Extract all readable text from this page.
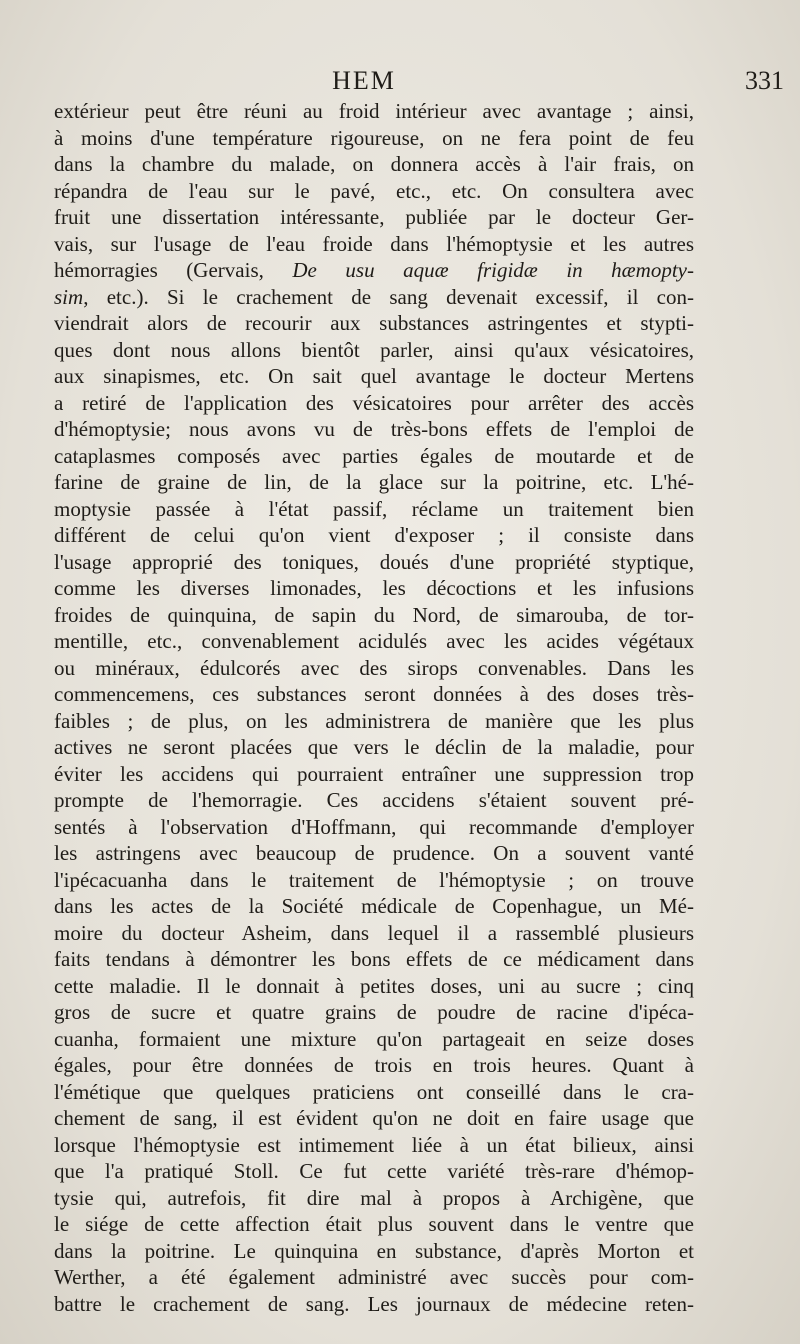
HEM	331
extérieur peut être réuni au froid intérieur avec avantage ; ainsi,
à moins d'une température rigoureuse, on ne fera point de feu
dans la chambre du malade, on donnera accès à l'air frais, on
répandra de l'eau sur le pavé, etc., etc. On consultera avec
fruit une dissertation intéressante, publiée par le docteur Ger-
vais, sur l'usage de l'eau froide dans l'hémoptysie et les autres
hémorragies (Gervais, De usu aquæ frigidæ in hæmopty-
sim, etc.). Si le crachement de sang devenait excessif, il con-
viendrait alors de recourir aux substances astringentes et stypti-
ques dont nous allons bientôt parler, ainsi qu'aux vésicatoires,
aux sinapismes, etc. On sait quel avantage le docteur Mertens
a retiré de l'application des vésicatoires pour arrêter des accès
d'hémoptysie; nous avons vu de très-bons effets de l'emploi de
cataplasmes composés avec parties égales de moutarde et de
farine de graine de lin, de la glace sur la poitrine, etc. L'hé-
moptysie passée à l'état passif, réclame un traitement bien
différent de celui qu'on vient d'exposer ; il consiste dans
l'usage approprié des toniques, doués d'une propriété styptique,
comme les diverses limonades, les décoctions et les infusions
froides de quinquina, de sapin du Nord, de simarouba, de tor-
mentille, etc., convenablement acidulés avec les acides végétaux
ou minéraux, édulcorés avec des sirops convenables. Dans les
commencemens, ces substances seront données à des doses très-
faibles ; de plus, on les administrera de manière que les plus
actives ne seront placées que vers le déclin de la maladie, pour
éviter les accidens qui pourraient entraîner une suppression trop
prompte de l'hemorragie. Ces accidens s'étaient souvent pré-
sentés à l'observation d'Hoffmann, qui recommande d'employer
les astringens avec beaucoup de prudence. On a souvent vanté
l'ipécacuanha dans le traitement de l'hémoptysie ; on trouve
dans les actes de la Société médicale de Copenhague, un Mé-
moire du docteur Asheim, dans lequel il a rassemblé plusieurs
faits tendans à démontrer les bons effets de ce médicament dans
cette maladie. Il le donnait à petites doses, uni au sucre ; cinq
gros de sucre et quatre grains de poudre de racine d'ipéca-
cuanha, formaient une mixture qu'on partageait en seize doses
égales, pour être données de trois en trois heures. Quant à
l'émétique que quelques praticiens ont conseillé dans le cra-
chement de sang, il est évident qu'on ne doit en faire usage que
lorsque l'hémoptysie est intimement liée à un état bilieux, ainsi
que l'a pratiqué Stoll. Ce fut cette variété très-rare d'hémop-
tysie qui, autrefois, fit dire mal à propos à Archigène, que
le siége de cette affection était plus souvent dans le ventre que
dans la poitrine. Le quinquina en substance, d'après Morton et
Werther, a été également administré avec succès pour com-
battre le crachement de sang. Les journaux de médecine reten-
